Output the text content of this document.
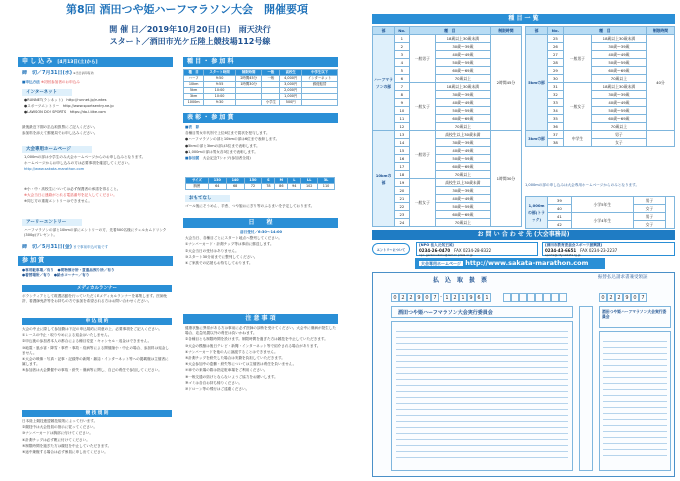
第8回 酒田つや姫ハーフマラソン大会　開催要項
開 催 日／2019年10月20日(日)　雨天決行
スタート／酒田市光ケ丘陸上競技場112号線
申 し 込 み [4月13日(土)から]
締　切／7月31日(水) ※当日消印有効
■申込方法 ※初回参加者のお申込み
インターネット

●RUNNET(ランネット)　 http://runnet.jp/runtes

●スポーツエントリー　 http://www.sportsentry.ne.jp

●LAWSON DO! SPORTS　 https://do.l-tike.com

最後最近下期の払込取扱票にご記入ください。

参加料を添えて郵便局でお申し込みください。

大会専用ホームページ

1,000mの部は小学生のみ大会ホームページからのお申し込みとなります。

ホームページからお申し込みの方は必要事項を確認してください。

http://www.sakata-marathon.com

※小・中・高校生については必ず保護者の承諾を得ること。

※大会当日に連絡がとれる電話番号を記入してください。

※同じ方の重複エントリーはできません。

アーリーエントリー
ハーフマラソンの部と10kmの部にエントリーの方、先着500名様にウェルカムドリンク(300g)プレゼント。
締　切／5月31日(金) まで事前申込可能です
参 加 賞
●専用駐車場／有り　 ●荷物預け所・貴重品預り所／有り
●着替場所／有り　 ●給水コーナー／有り
メディカルランナー
ボランティアとして救護活動を行っていただくEメディカルランナーを募集します。医師免許、看護師免許等をお持ちの方で参加を希望される方はお問い合わせください。
申 込 規 約

大会の中止に際して参加費は下記の申込規約に同意の上、必要事項をご記入ください。

①レースの中止・取りやめによる返金はいたしません。

②申込後の参加者本人の都合による種目変更・キャンセル・返金はできません。

③地震・風水害・降雪・事件・事故・疫病等による開催縮小・中止の場合、参加料は返金しません。

④大会の映像・写真・記事・記録等の新聞・雑誌・インターネット等への掲載権は主催者に属します。

⑤参加者は大会開催中の事故・紛失・傷病等に関し、自己の責任で参加してください。

競 技 規 則

日本陸上競技連盟競技規則によって行います。

②競技中は大会役員の指示に従ってください。

③ナンバーカードは胸部に付けてください。

④計測チップは必ず靴に付けてください。

⑤制限時間を過ぎた方は競技を中止していただきます。

⑥途中棄権する場合は必ず係員に申し出てください。

種 目 ・ 参 加 料
種　目	スタート時間	制限時間	一般	高校生	中学生以下
ハーフ	9:50	2時間45分	一般	4,000円	インターネット
10km	9:55	1時間30分		3,000円	郵便振替
5km	10:00			2,000円	
3km	10:00			1,000円	
1000m	9:30		小学生	500円	
表 彰 ・ 参 加 賞

■表　彰

各種目男女年代別で上位6位まで賞状を授与します。

●ハーフマラソンの部と10kmの部は6位まで表彰します。

●5kmの部と3kmの部は3位まで表彰します。

●1,000mの部は男女各3位まで表彰します。

■参加賞　 大会記念Tシャツ(参加者全員)

サイズ	130	140	150	S	M	L	LL	3L
胸囲	64	68	72	78	86	94	102	110
おもてなし
ゴール後にそうめん、芋煮、つや姫おにぎり等のふるまいを予定しております。
日　　程

前日受付／6:30〜14:00

大会当日、各種目ごとにスタート地点へ整列してください。

①ナンバーカード・計測チップ等は事前に郵送します。

②大会当日の受付はありません。

③スタート30分前までに整列してください。

④ご家族での応援もお待ちしております。

注 意 事 項

健康状態に異常がある方は事前に必ず医師の診断を受けてください。大会中に傷病が発生した場合、応急処置以外の責任は負いかねます。

②各種目とも制限時間を設けます。制限時間を過ぎた方は競技を中止していただきます。

③大会の模様は後日テレビ・新聞・インターネット等で紹介される場合があります。

④ナンバーカードを他の人に譲渡することはできません。

⑤計測チップを紛失した場合は実費を負担していただきます。

⑥大会参加中の盗難・紛失等については主催者は責任を負いません。

⑦車での来場の際は指定駐車場をご利用ください。

⑧一般交通の妨げとならないようご協力をお願いします。

⑨ゴミは各自お持ち帰りください。

⑩ドローン等の飛行はご遠慮ください。

種 目 一 覧
部	No.	種　目		制限時間
ハーフマラソンの部	1	一般男子	18歳以上30歳未満	2時間45分
	2		30歳〜39歳	
	3		40歳〜49歳	
	4		50歳〜59歳	
	5		60歳〜69歳	
	6		70歳以上	
	7	一般女子	18歳以上30歳未満	
	8		30歳〜39歳	
	9		40歳〜49歳	
	10		50歳〜59歳	
	11		60歳〜69歳	
	12		70歳以上	
10kmの部	13	一般男子	高校生以上30歳未満	1時間30分
	14		30歳〜39歳	
	15		40歳〜49歳	
	16		50歳〜59歳	
	17		60歳〜69歳	
	18		70歳以上	
	19	一般女子	高校生以上30歳未満	
	20		30歳〜39歳	
	21		40歳〜49歳	
	22		50歳〜59歳	
	23		60歳〜69歳	
	24		70歳以上	
部	No.	種　目		制限時間
5kmの部	25	一般男子	18歳以上30歳未満	40分
	26		30歳〜39歳	
	27		40歳〜49歳	
	28		50歳〜59歳	
	29		60歳〜69歳	
	30		70歳以上	
	31	一般女子	18歳以上30歳未満	
	32		30歳〜39歳	
	33		40歳〜49歳	
	34		50歳〜59歳	
	35		60歳〜69歳	
	36		70歳以上	
3kmの部	37	中学生	男子	
	38		女子	
1,000mの部の申し込みは大会専用ホームページからのみとなります。
1,000mの部(トラック)	39	小学5年生	男子	
	40		女子	
	41	小学4年生	男子	
	42		女子	
お 問 い 合 わ せ 先 (大会事務局)
エントリーについて
[NPO 法人元気王国]
0234-26-0470　FAX 0234-28-8322
npo-genkioukoku@lemon.plala.or.jp
[酒田市教育委員会スポーツ振興課]
0234-43-6651　FAX 0234-23-2237
sports@city.sakata.lg.jp
大会専用ホームページ http://www.sakata-marathon.com
払　込　取　扱　票	振替払込請求書兼受領証
0 2 2 9 0 7 - 1 2 1 9 6 1
酒田つや姫ハーフマラソン大会実行委員会
0 2 2 9 0 7
酒田つや姫ハーフマラソン大会実行委員会
